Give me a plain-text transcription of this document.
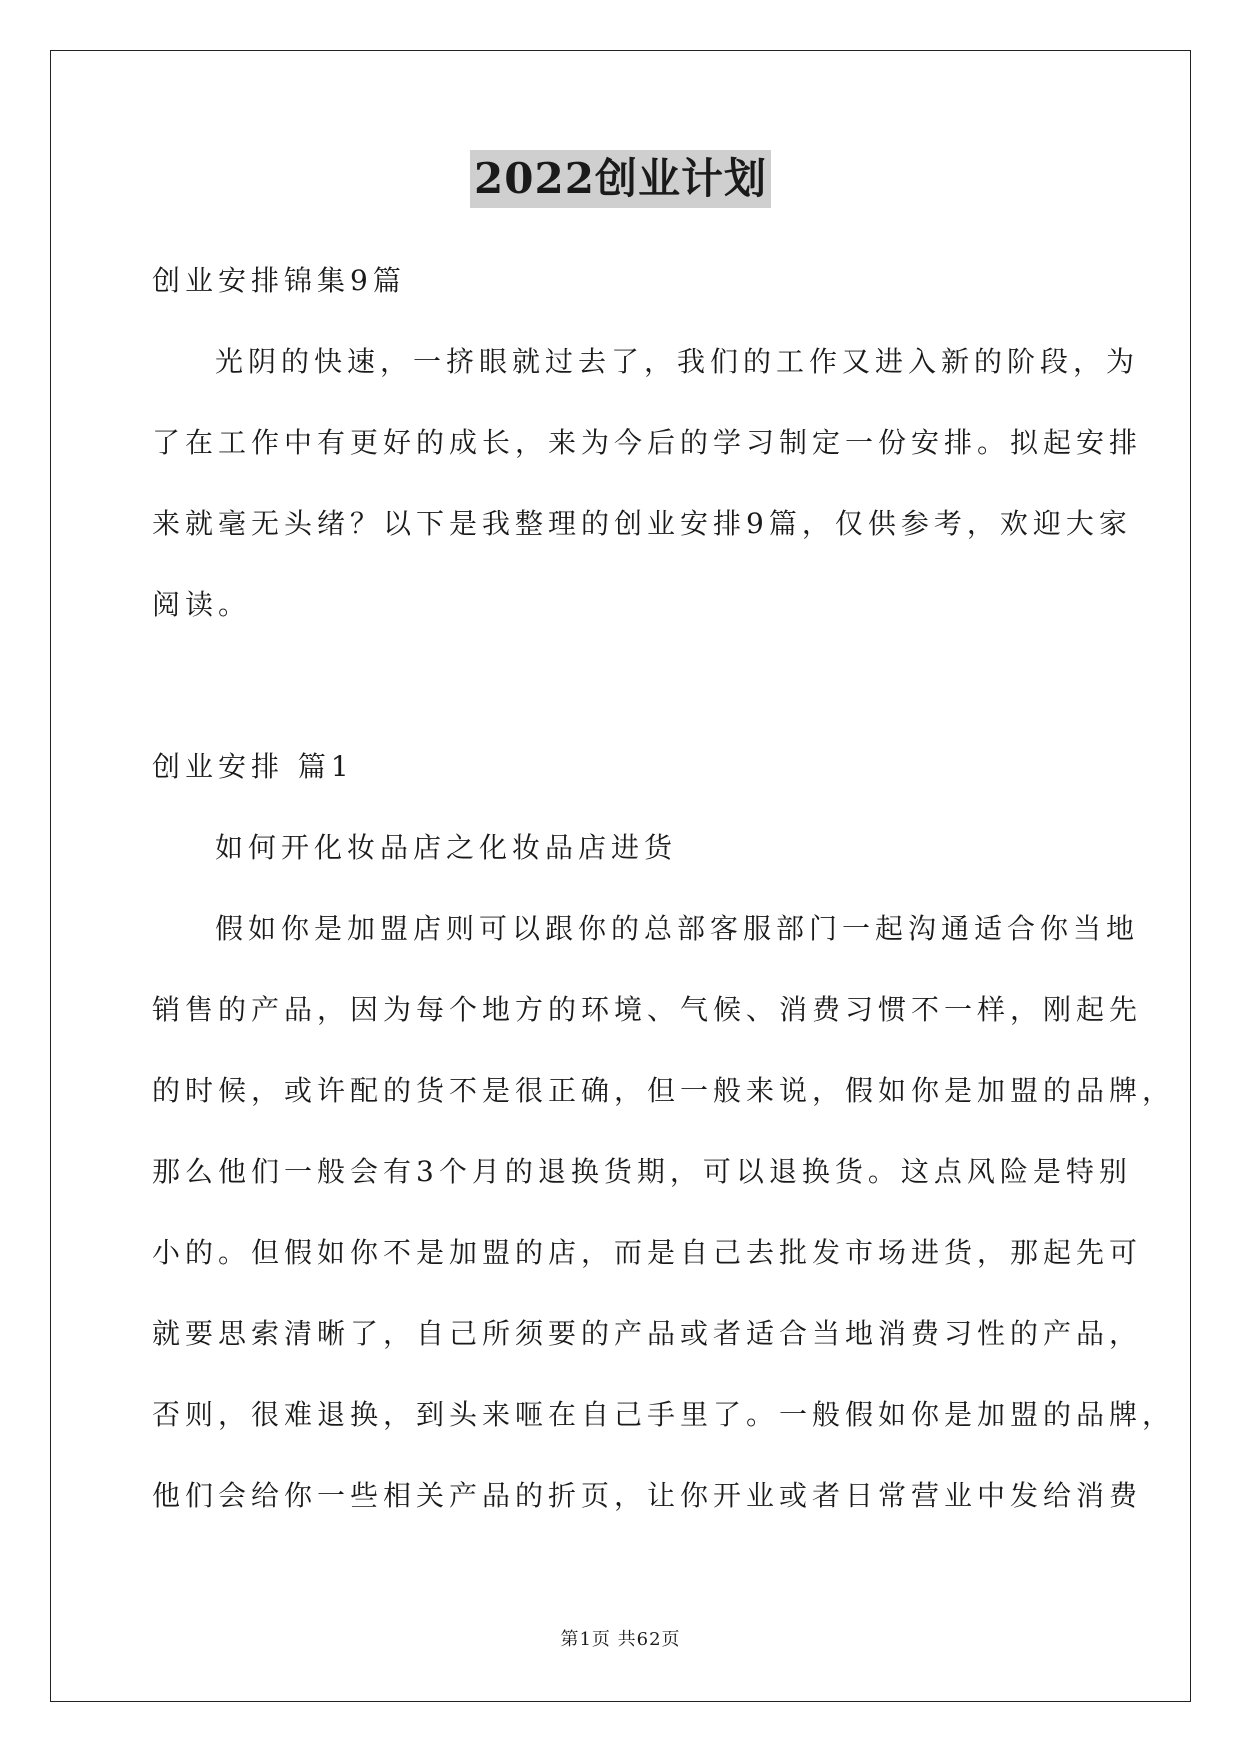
2022创业计划
创业安排锦集9篇
光阴的快速，一挤眼就过去了，我们的工作又进入新的阶段，为
了在工作中有更好的成长，来为今后的学习制定一份安排。拟起安排
来就毫无头绪？以下是我整理的创业安排9篇，仅供参考，欢迎大家
阅读。
创业安排 篇1
如何开化妆品店之化妆品店进货
假如你是加盟店则可以跟你的总部客服部门一起沟通适合你当地
销售的产品，因为每个地方的环境、气候、消费习惯不一样，刚起先
的时候，或许配的货不是很正确，但一般来说，假如你是加盟的品牌，
那么他们一般会有3个月的退换货期，可以退换货。这点风险是特别
小的。但假如你不是加盟的店，而是自己去批发市场进货，那起先可
就要思索清晰了，自己所须要的产品或者适合当地消费习性的产品，
否则，很难退换，到头来咂在自己手里了。一般假如你是加盟的品牌，
他们会给你一些相关产品的折页，让你开业或者日常营业中发给消费
第1页 共62页
